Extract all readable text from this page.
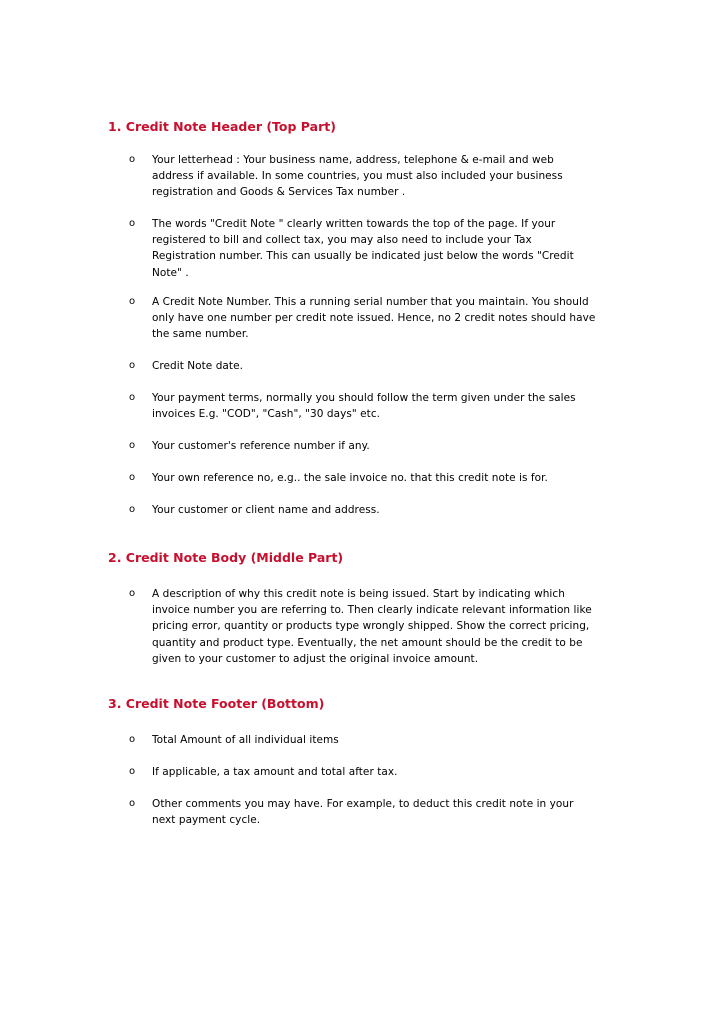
1. Credit Note Header (Top Part)
o Your letterhead : Your business name, address, telephone & e-mail and web
address if available. In some countries, you must also included your business
registration and Goods & Services Tax number .
o The words "Credit Note " clearly written towards the top of the page. If your
registered to bill and collect tax, you may also need to include your Tax
Registration number. This can usually be indicated just below the words "Credit
Note" .
o A Credit Note Number. This a running serial number that you maintain. You should
only have one number per credit note issued. Hence, no 2 credit notes should have
the same number.
o Credit Note date.
o Your payment terms, normally you should follow the term given under the sales
invoices E.g. "COD", "Cash", "30 days" etc.
o Your customer's reference number if any.
o Your own reference no, e.g.. the sale invoice no. that this credit note is for.
o Your customer or client name and address.
2. Credit Note Body (Middle Part)
o A description of why this credit note is being issued. Start by indicating which
invoice number you are referring to. Then clearly indicate relevant information like
pricing error, quantity or products type wrongly shipped. Show the correct pricing,
quantity and product type. Eventually, the net amount should be the credit to be
given to your customer to adjust the original invoice amount.
3. Credit Note Footer (Bottom)
o Total Amount of all individual items
o If applicable, a tax amount and total after tax.
o Other comments you may have. For example, to deduct this credit note in your
next payment cycle.
